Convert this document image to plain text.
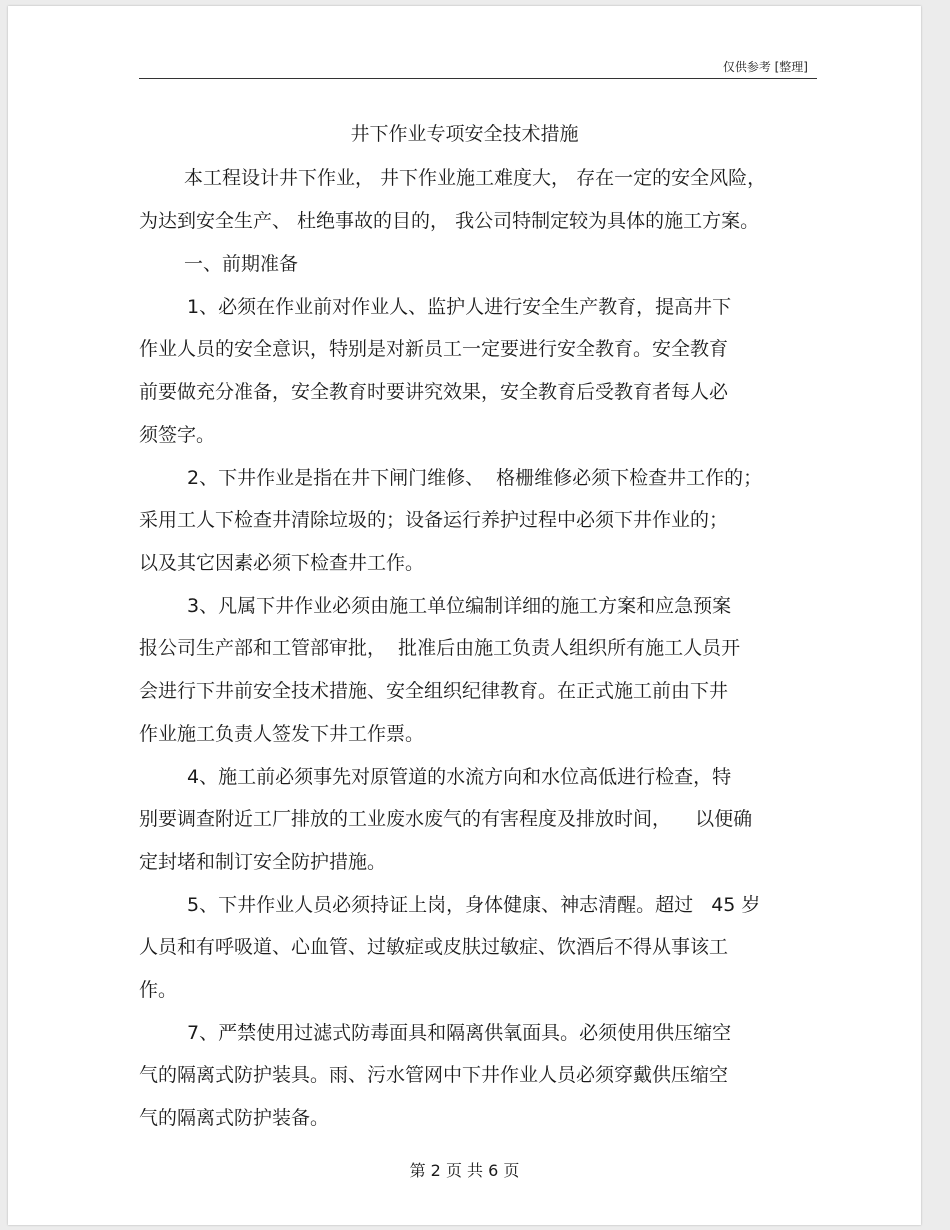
仅供参考 [整理]
井下作业专项安全技术措施
本工程设计井下作业， 井下作业施工难度大， 存在一定的安全风险，
为达到安全生产、 杜绝事故的目的， 我公司特制定较为具体的施工方案。
一、前期准备
1、必须在作业前对作业人、监护人进行安全生产教育，提高井下
作业人员的安全意识，特别是对新员工一定要进行安全教育。安全教育
前要做充分准备，安全教育时要讲究效果，安全教育后受教育者每人必
须签字。
2、下井作业是指在井下闸门维修、  格栅维修必须下检查井工作的；
采用工人下检查井清除垃圾的；设备运行养护过程中必须下井作业的；
以及其它因素必须下检查井工作。
3、凡属下井作业必须由施工单位编制详细的施工方案和应急预案
报公司生产部和工管部审批，  批准后由施工负责人组织所有施工人员开
会进行下井前安全技术措施、安全组织纪律教育。在正式施工前由下井
作业施工负责人签发下井工作票。
4、施工前必须事先对原管道的水流方向和水位高低进行检查，特
别要调查附近工厂排放的工业废水废气的有害程度及排放时间，    以便确
定封堵和制订安全防护措施。
5、下井作业人员必须持证上岗，身体健康、神志清醒。超过   45 岁
人员和有呼吸道、心血管、过敏症或皮肤过敏症、饮酒后不得从事该工
作。
7、严禁使用过滤式防毒面具和隔离供氧面具。必须使用供压缩空
气的隔离式防护装具。雨、污水管网中下井作业人员必须穿戴供压缩空
气的隔离式防护装备。
第 2 页 共 6 页
